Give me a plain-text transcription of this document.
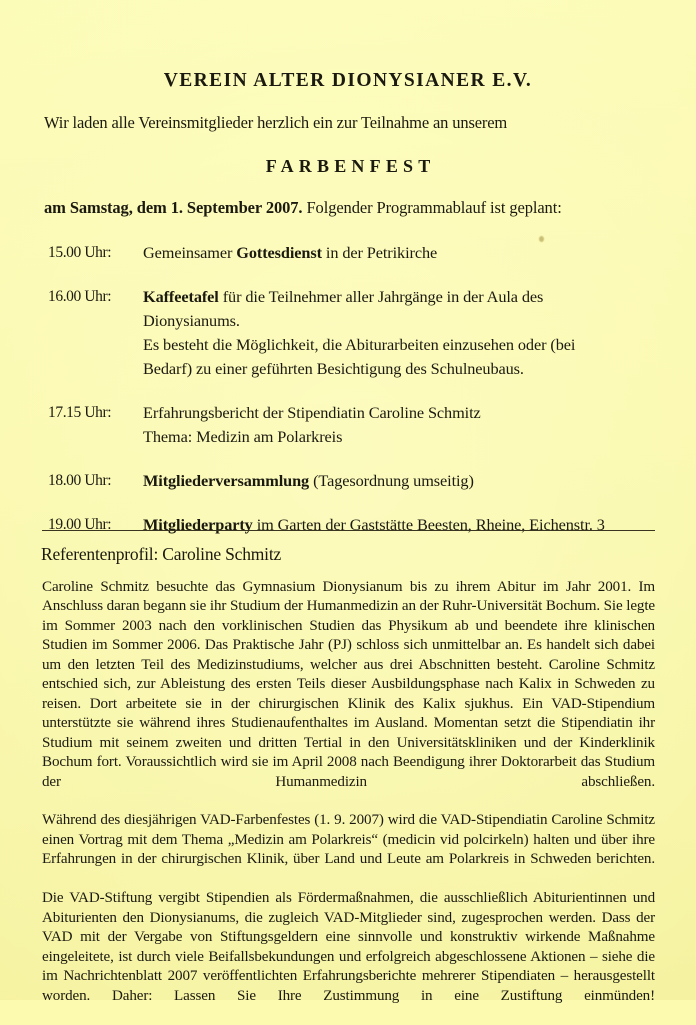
VEREIN ALTER DIONYSIANER E.V.
Wir laden alle Vereinsmitglieder herzlich ein zur Teilnahme an unserem
FARBENFEST
am Samstag, dem 1. September 2007. Folgender Programmablauf ist geplant:
15.00 Uhr:	Gemeinsamer Gottesdienst in der Petrikirche
16.00 Uhr:	Kaffeetafel für die Teilnehmer aller Jahrgänge in der Aula des
Dionysianums.
Es besteht die Möglichkeit, die Abiturarbeiten einzusehen oder (bei
Bedarf) zu einer geführten Besichtigung des Schulneubaus.
17.15 Uhr:	Erfahrungsbericht der Stipendiatin Caroline Schmitz
Thema: Medizin am Polarkreis
18.00 Uhr:	Mitgliederversammlung (Tagesordnung umseitig)
19.00 Uhr:	Mitgliederparty im Garten der Gaststätte Beesten, Rheine, Eichenstr. 3
Referentenprofil: Caroline Schmitz

Caroline Schmitz besuchte das Gymnasium Dionysianum bis zu ihrem Abitur im Jahr 2001. Im Anschluss daran begann sie ihr Studium der Humanmedizin an der Ruhr-Universität Bochum. Sie legte im Sommer 2003 nach den vorklinischen Studien das Physikum ab und beendete ihre klinischen Studien im Sommer 2006. Das Praktische Jahr (PJ) schloss sich unmittelbar an. Es handelt sich dabei um den letzten Teil des Medizinstudiums, welcher aus drei Abschnitten besteht. Caroline Schmitz entschied sich, zur Ableistung des ersten Teils dieser Ausbildungsphase nach Kalix in Schweden zu reisen. Dort arbeitete sie in der chirurgischen Klinik des Kalix sjukhus. Ein VAD-Stipendium unterstützte sie während ihres Studienaufenthaltes im Ausland. Momentan setzt die Stipendiatin ihr Studium mit seinem zweiten und dritten Tertial in den Universitätskliniken und der Kinderklinik Bochum fort. Voraussichtlich wird sie im April 2008 nach Beendigung ihrer Doktorarbeit das Studium der Humanmedizin abschließen.

Während des diesjährigen VAD-Farbenfestes (1. 9. 2007) wird die VAD-Stipendiatin Caroline Schmitz einen Vortrag mit dem Thema „Medizin am Polarkreis“ (medicin vid polcirkeln) halten und über ihre Erfahrungen in der chirurgischen Klinik, über Land und Leute am Polarkreis in Schweden berichten.

Die VAD-Stiftung vergibt Stipendien als Fördermaßnahmen, die ausschließlich Abiturientinnen und Abiturienten den Dionysianums, die zugleich VAD-Mitglieder sind, zugesprochen werden. Dass der VAD mit der Vergabe von Stiftungsgeldern eine sinnvolle und konstruktiv wirkende Maßnahme eingeleitete, ist durch viele Beifallsbekundungen und erfolgreich abgeschlossene Aktionen – siehe die im Nachrichtenblatt 2007 veröffentlichten Erfahrungsberichte mehrerer Stipendiaten – herausgestellt worden. Daher: Lassen Sie Ihre Zustimmung in eine Zustiftung einmünden!
